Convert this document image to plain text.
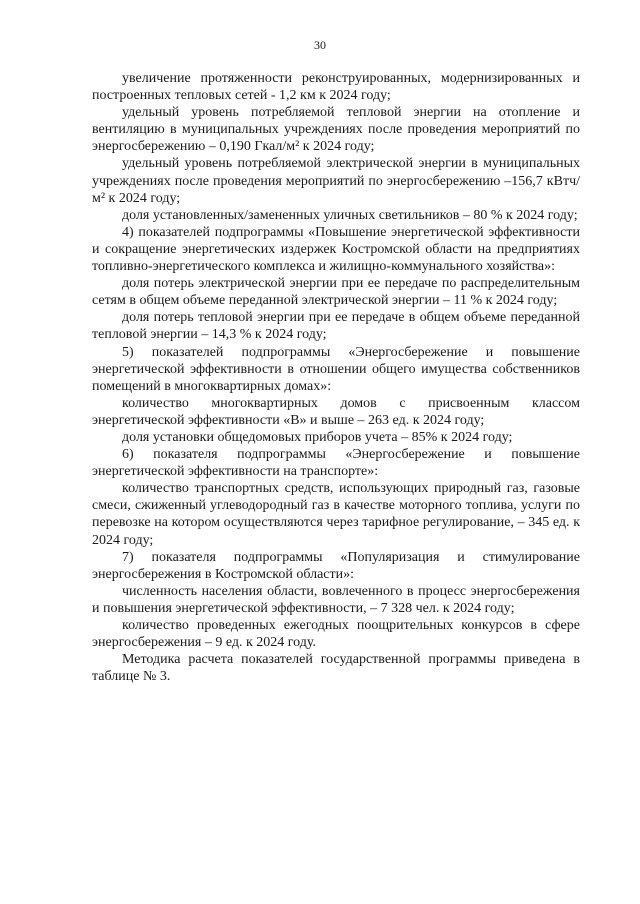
30

увеличение протяженности реконструированных, модернизированных и построенных тепловых сетей - 1,2 км к 2024 году;

удельный уровень потребляемой тепловой энергии на отопление и вентиляцию в муниципальных учреждениях после проведения мероприятий по энергосбережению – 0,190 Гкал/м² к 2024 году;

удельный уровень потребляемой электрической энергии в муниципальных учреждениях после проведения мероприятий по энергосбережению –156,7 кВтч/м² к 2024 году;

доля установленных/замененных уличных светильников – 80 % к 2024 году;

4) показателей подпрограммы «Повышение энергетической эффективности и сокращение энергетических издержек Костромской области на предприятиях топливно-энергетического комплекса и жилищно-коммунального хозяйства»:

доля потерь электрической энергии при ее передаче по распределительным сетям в общем объеме переданной электрической энергии – 11 % к 2024 году;

доля потерь тепловой энергии при ее передаче в общем объеме переданной тепловой энергии – 14,3 % к 2024 году;

5) показателей подпрограммы «Энергосбережение и повышение энергетической эффективности в отношении общего имущества собственников помещений в многоквартирных домах»:

количество многоквартирных домов с присвоенным классом энергетической эффективности «В» и выше – 263 ед. к 2024 году;

доля установки общедомовых приборов учета – 85% к 2024 году;

6) показателя подпрограммы «Энергосбережение и повышение энергетической эффективности на транспорте»:

количество транспортных средств, использующих природный газ, газовые смеси, сжиженный углеводородный газ в качестве моторного топлива, услуги по перевозке на котором осуществляются через тарифное регулирование, – 345 ед. к 2024 году;

7) показателя подпрограммы «Популяризация и стимулирование энергосбережения в Костромской области»:

численность населения области, вовлеченного в процесс энергосбережения и повышения энергетической эффективности, – 7 328 чел. к 2024 году;

количество проведенных ежегодных поощрительных конкурсов в сфере энергосбережения – 9 ед. к 2024 году.

Методика расчета показателей государственной программы приведена в таблице № 3.
